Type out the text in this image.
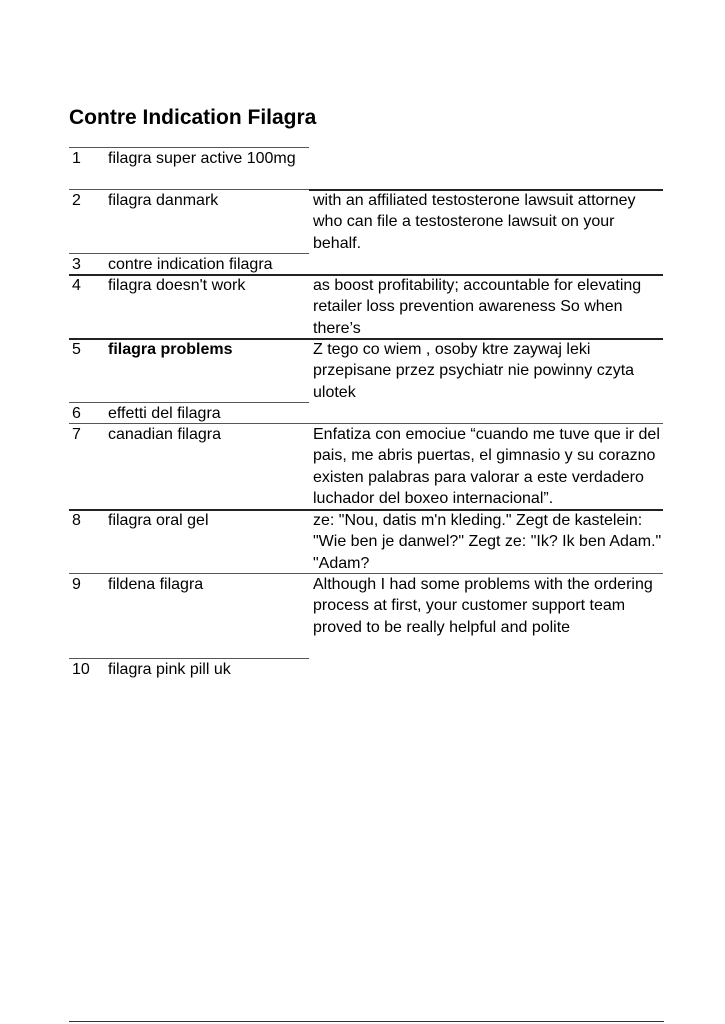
Contre Indication Filagra
1 filagra super active 100mg
2 filagra danmark	with an affiliated testosterone lawsuit attorney who can file a testosterone lawsuit on your behalf.
3 contre indication filagra
4 filagra doesn't work	as boost profitability; accountable for elevating retailer loss prevention awareness So when there’s
5 filagra problems	Z tego co wiem , osoby ktre zaywaj leki przepisane przez psychiatr nie powinny czyta ulotek
6 effetti del filagra
7 canadian filagra	Enfatiza con emociue “cuando me tuve que ir del pais, me abris puertas, el gimnasio y su corazno existen palabras para valorar a este verdadero luchador del boxeo internacional”.
8 filagra oral gel	ze: "Nou, datis m'n kleding." Zegt de kastelein: "Wie ben je danwel?" Zegt ze: "Ik? Ik ben Adam." "Adam?
9 fildena filagra	Although I had some problems with the ordering process at first, your customer support team proved to be really helpful and polite
10 filagra pink pill uk
